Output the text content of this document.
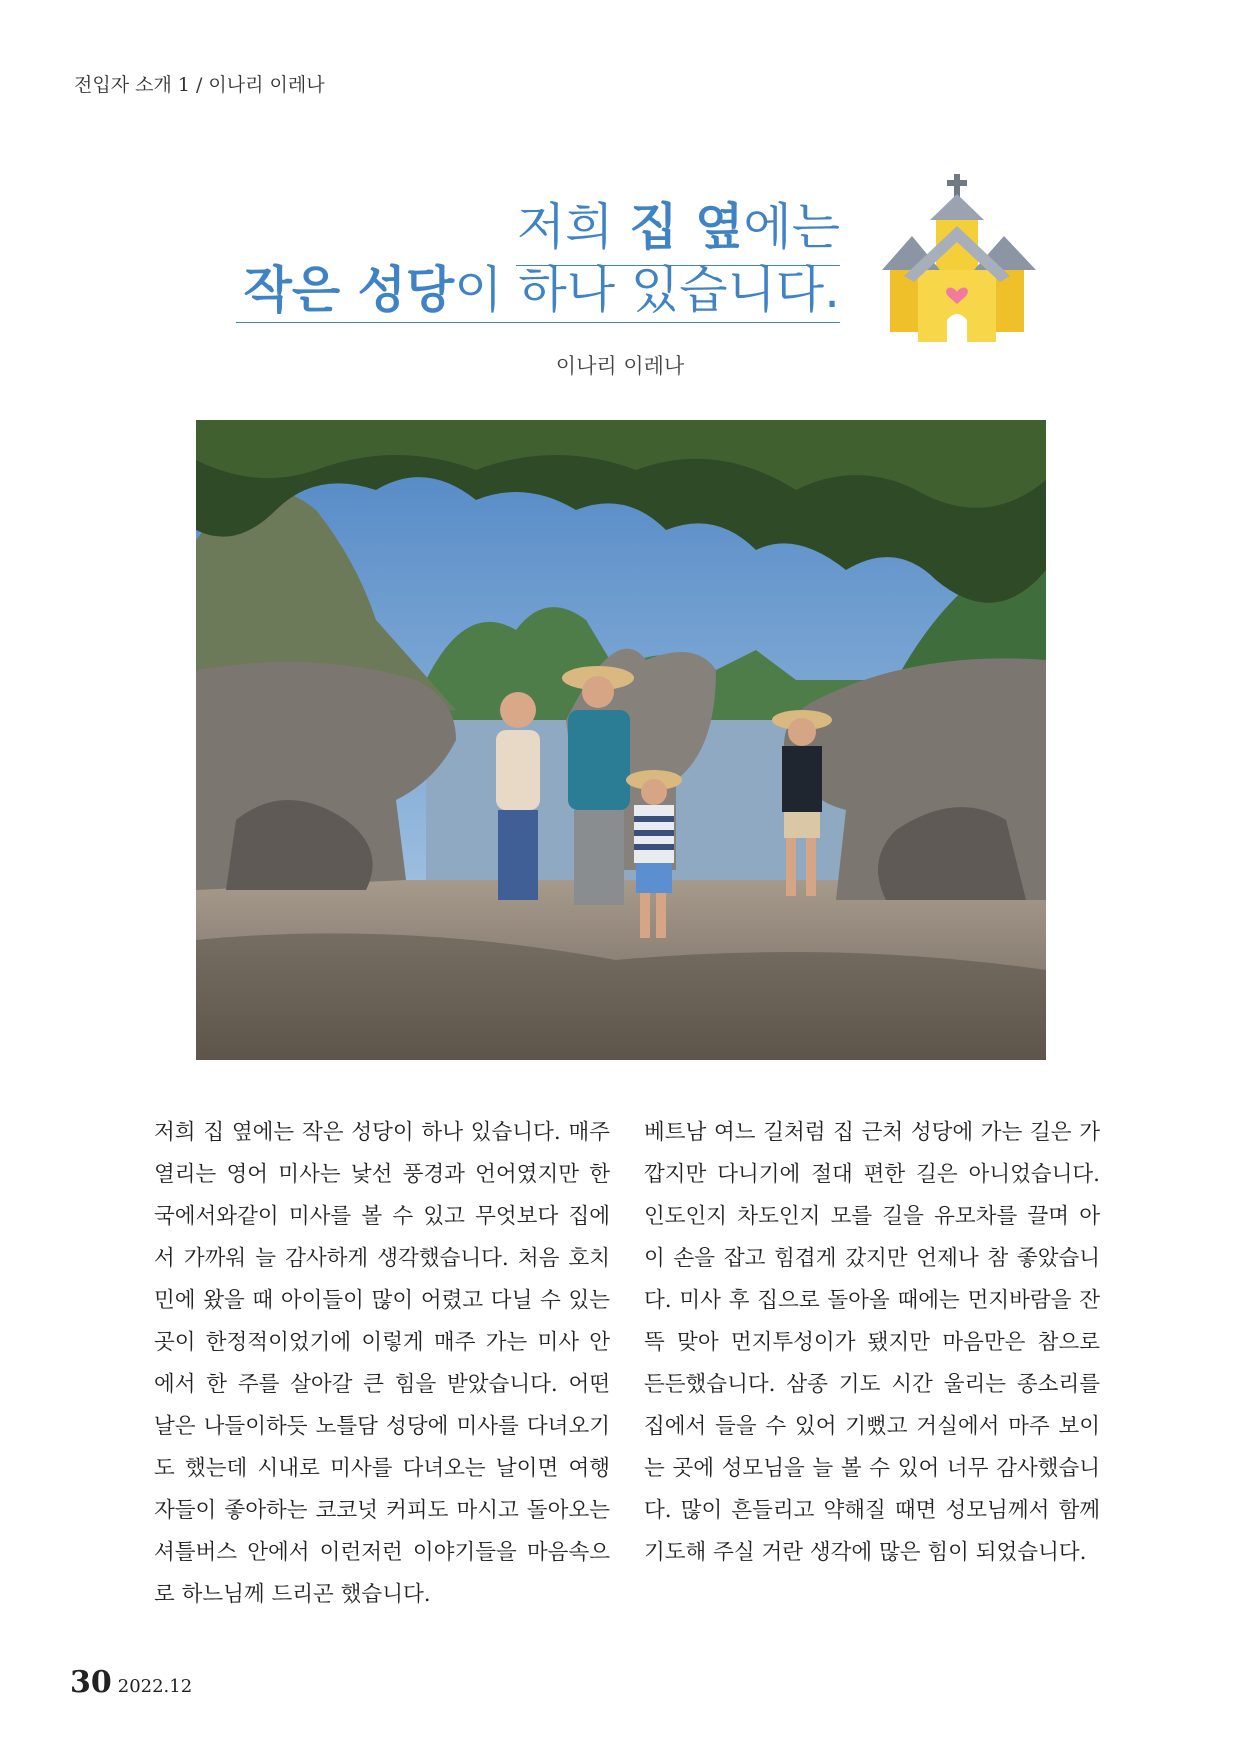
전입자 소개 1 / 이나리 이레나
저희 집 옆에는
작은 성당이 하나 있습니다.
이나리 이레나

저희 집 옆에는 작은 성당이 하나 있습니다. 매주 열리는 영어 미사는 낯선 풍경과 언어였지만 한국에서와같이 미사를 볼 수 있고 무엇보다 집에서 가까워 늘 감사하게 생각했습니다. 처음 호치민에 왔을 때 아이들이 많이 어렸고 다닐 수 있는 곳이 한정적이었기에 이렇게 매주 가는 미사 안에서 한 주를 살아갈 큰 힘을 받았습니다. 어떤 날은 나들이하듯 노틀담 성당에 미사를 다녀오기도 했는데 시내로 미사를 다녀오는 날이면 여행자들이 좋아하는 코코넛 커피도 마시고 돌아오는 셔틀버스 안에서 이런저런 이야기들을 마음속으로 하느님께 드리곤 했습니다.

베트남 여느 길처럼 집 근처 성당에 가는 길은 가깝지만 다니기에 절대 편한 길은 아니었습니다. 인도인지 차도인지 모를 길을 유모차를 끌며 아이 손을 잡고 힘겹게 갔지만 언제나 참 좋았습니다. 미사 후 집으로 돌아올 때에는 먼지바람을 잔뜩 맞아 먼지투성이가 됐지만 마음만은 참으로 든든했습니다. 삼종 기도 시간 울리는 종소리를 집에서 들을 수 있어 기뻤고 거실에서 마주 보이는 곳에 성모님을 늘 볼 수 있어 너무 감사했습니다. 많이 흔들리고 약해질 때면 성모님께서 함께 기도해 주실 거란 생각에 많은 힘이 되었습니다.

30 2022.12
